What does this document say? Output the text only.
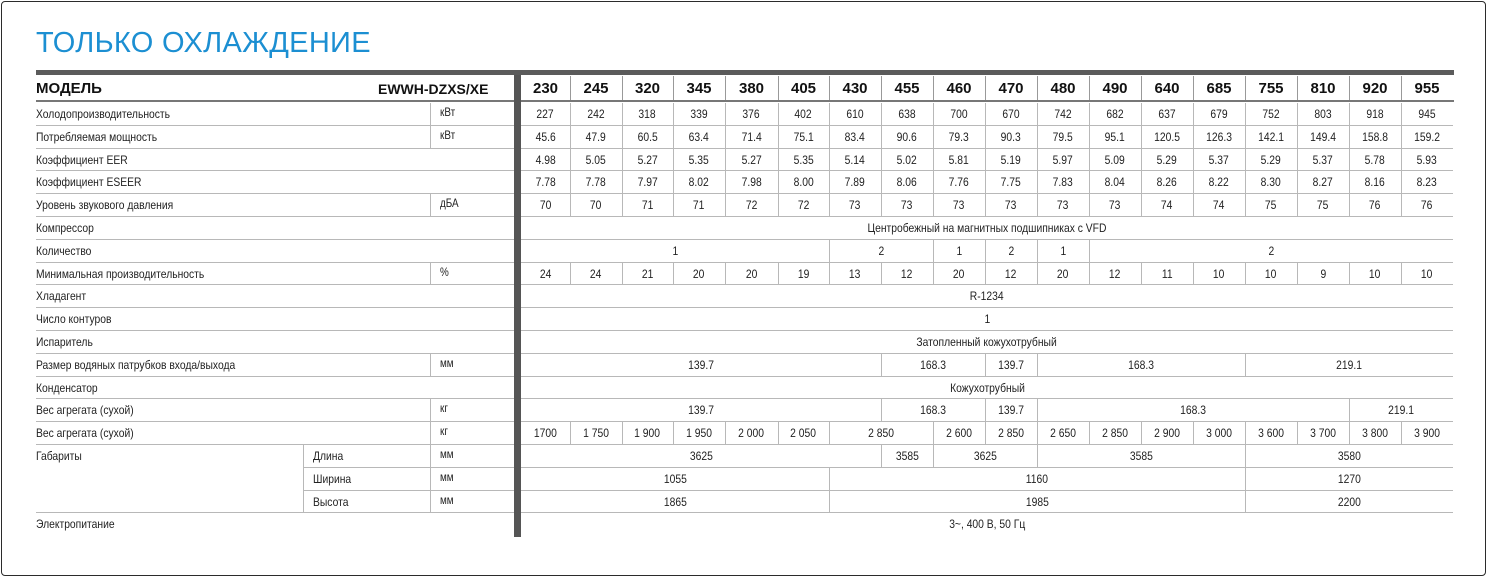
ТОЛЬКО ОХЛАЖДЕНИЕ
МОДЕЛЬ	EWWH-DZXS/XE	230	245	320	345	380	405	430	455	460	470	480	490	640	685	755	810	920	955
Холодопроизводительность	кВт	227	242	318	339	376	402	610	638	700	670	742	682	637	679	752	803	918	945
Потребляемая мощность	кВт	45.6	47.9	60.5	63.4	71.4	75.1	83.4	90.6	79.3	90.3	79.5	95.1	120.5	126.3	142.1	149.4	158.8	159.2
Коэффициент EER	4.98	5.05	5.27	5.35	5.27	5.35	5.14	5.02	5.81	5.19	5.97	5.09	5.29	5.37	5.29	5.37	5.78	5.93
Коэффициент ESEER	7.78	7.78	7.97	8.02	7.98	8.00	7.89	8.06	7.76	7.75	7.83	8.04	8.26	8.22	8.30	8.27	8.16	8.23
Уровень звукового давления	дБА	70	70	71	71	72	72	73	73	73	73	73	73	74	74	75	75	76	76
Компрессор	Центробежный на магнитных подшипниках с VFD
Количество	1	2	1	2	1	2
Минимальная производительность	%	24	24	21	20	20	19	13	12	20	12	20	12	11	10	10	9	10	10
Хладагент	R-1234
Число контуров	1
Испаритель	Затопленный кожухотрубный
Размер водяных патрубков входа/выхода	мм	139.7	168.3	139.7	168.3	219.1
Конденсатор	Кожухотрубный
Вес агрегата (сухой)	кг	139.7	168.3	139.7	168.3	219.1
Вес агрегата (сухой)	кг	1700	1 750	1 900	1 950	2 000	2 050	2 850	2 600	2 850	2 650	2 850	2 900	3 000	3 600	3 700	3 800	3 900
Габариты	Длина	мм	3625	3585	3625	3585	3580
Ширина	мм	1055	1160	1270
Высота	мм	1865	1985	2200
Электропитание	3~, 400 В, 50 Гц
